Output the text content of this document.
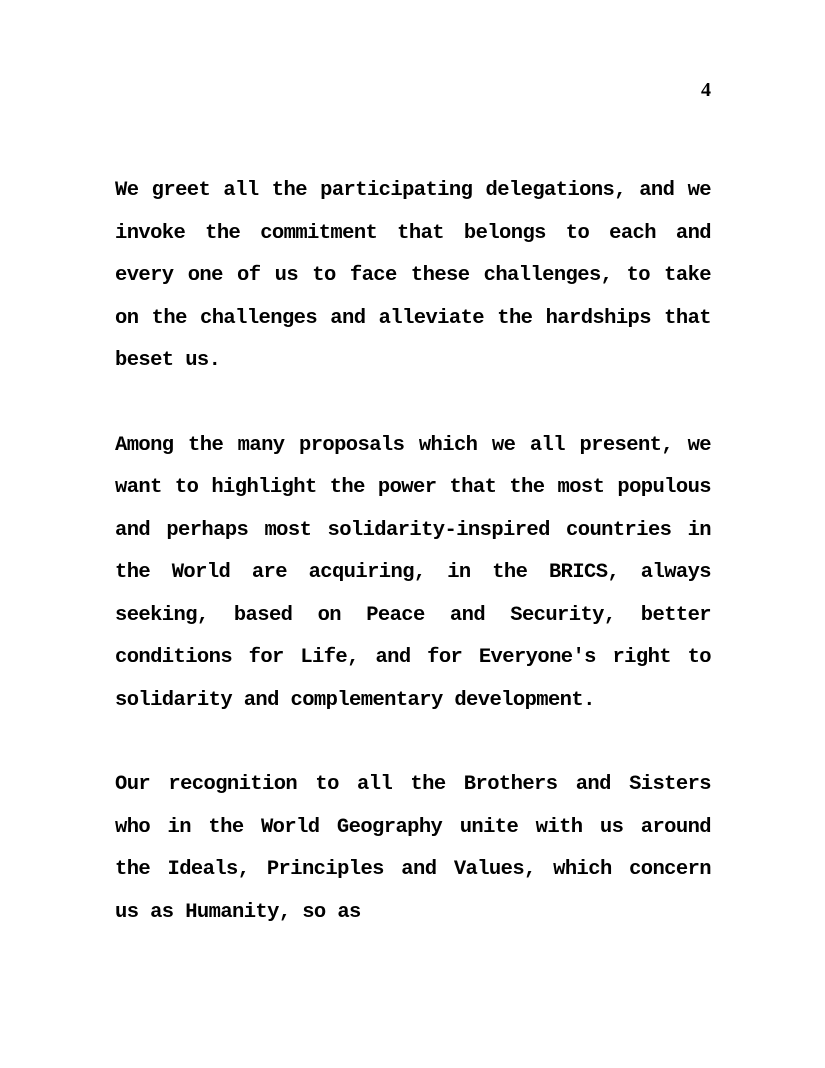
4

We greet all the participating delegations, and we invoke the commitment that belongs to each and every one of us to face these challenges, to take on the challenges and alleviate the hardships that beset us.

Among the many proposals which we all present, we want to highlight the power that the most populous and perhaps most solidarity-inspired countries in the World are acquiring, in the BRICS, always seeking, based on Peace and Security, better conditions for Life, and for Everyone's right to solidarity and complementary development.

Our recognition to all the Brothers and Sisters who in the World Geography unite with us around the Ideals, Principles and Values, which concern us as Humanity, so as
